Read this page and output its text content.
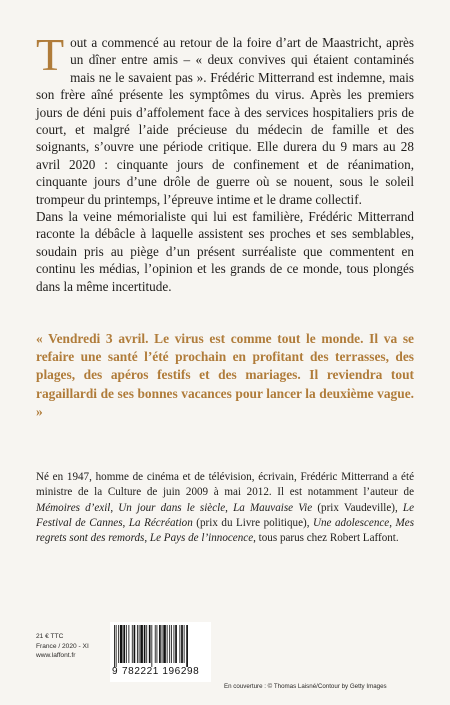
Tout a commencé au retour de la foire d’art de Maastricht, après un dîner entre amis – « deux convives qui étaient contaminés mais ne le savaient pas ». Frédéric Mitterrand est indemne, mais son frère aîné présente les symptômes du virus. Après les premiers jours de déni puis d’affolement face à des services hospitaliers pris de court, et malgré l’aide précieuse du médecin de famille et des soignants, s’ouvre une période critique. Elle durera du 9 mars au 28 avril 2020 : cinquante jours de confinement et de réanimation, cinquante jours d’une drôle de guerre où se nouent, sous le soleil trompeur du printemps, l’épreuve intime et le drame collectif.

Dans la veine mémorialiste qui lui est familière, Frédéric Mitterrand raconte la débâcle à laquelle assistent ses proches et ses semblables, soudain pris au piège d’un présent surréaliste que commentent en continu les médias, l’opinion et les grands de ce monde, tous plongés dans la même incertitude.

« Vendredi 3 avril. Le virus est comme tout le monde. Il va se refaire une santé l’été prochain en profitant des terrasses, des plages, des apéros festifs et des mariages. Il reviendra tout ragaillardi de ses bonnes vacances pour lancer la deuxième vague. »
Né en 1947, homme de cinéma et de télévision, écrivain, Frédéric Mitterrand a été ministre de la Culture de juin 2009 à mai 2012. Il est notamment l’auteur de Mémoires d’exil, Un jour dans le siècle, La Mauvaise Vie (prix Vaudeville), Le Festival de Cannes, La Récréation (prix du Livre politique), Une adolescence, Mes regrets sont des remords, Le Pays de l’innocence, tous parus chez Robert Laffont.
21 € TTC
France / 2020 - XI
www.laffont.fr
9 782221 196298
En couverture : © Thomas Laisné/Contour by Getty Images
